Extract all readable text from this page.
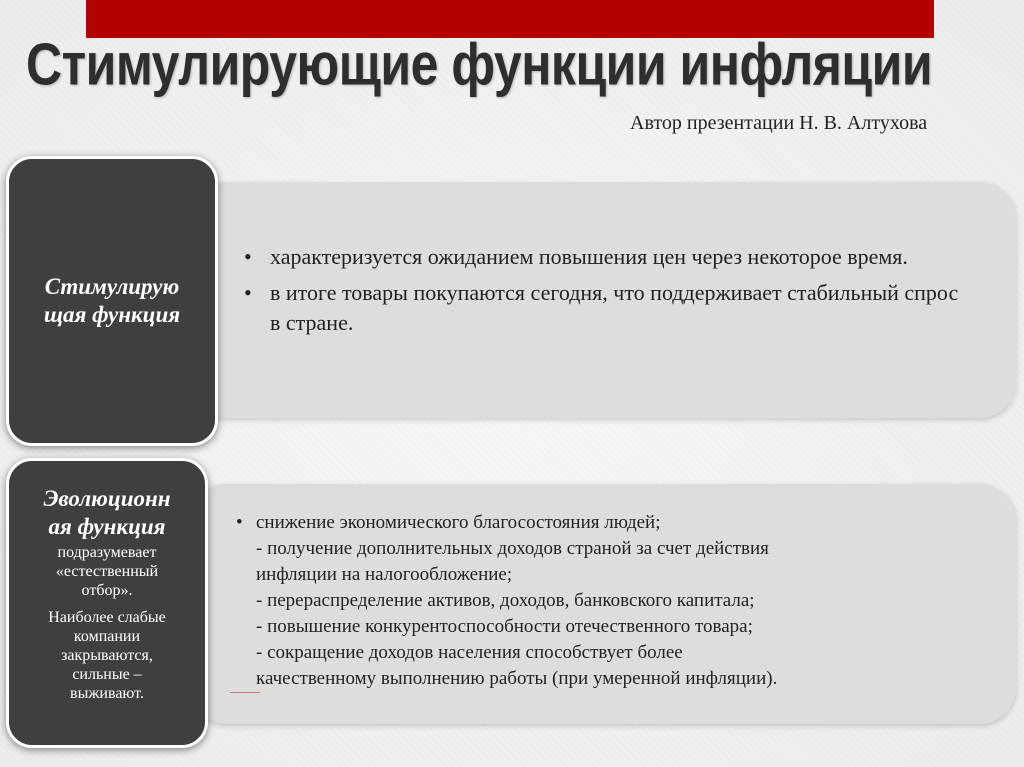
Стимулирующие функции инфляции
Автор презентации Н. В. Алтухова
Стимулирую
щая функция
Эволюционн
ая функция
подразумевает
«естественный
отбор».
Наиболее слабые
компании
закрываются,
сильные –
выживают.
• характеризуется ожиданием повышения цен через некоторое время.
• в итоге товары покупаются сегодня, что поддерживает стабильный спрос в стране.
• снижение экономического благосостояния людей;
- получение дополнительных доходов страной за счет действия
инфляции на налогообложение;
- перераспределение активов, доходов, банковского капитала;
- повышение конкурентоспособности отечественного товара;
- сокращение доходов населения способствует более
качественному выполнению работы (при умеренной инфляции).
